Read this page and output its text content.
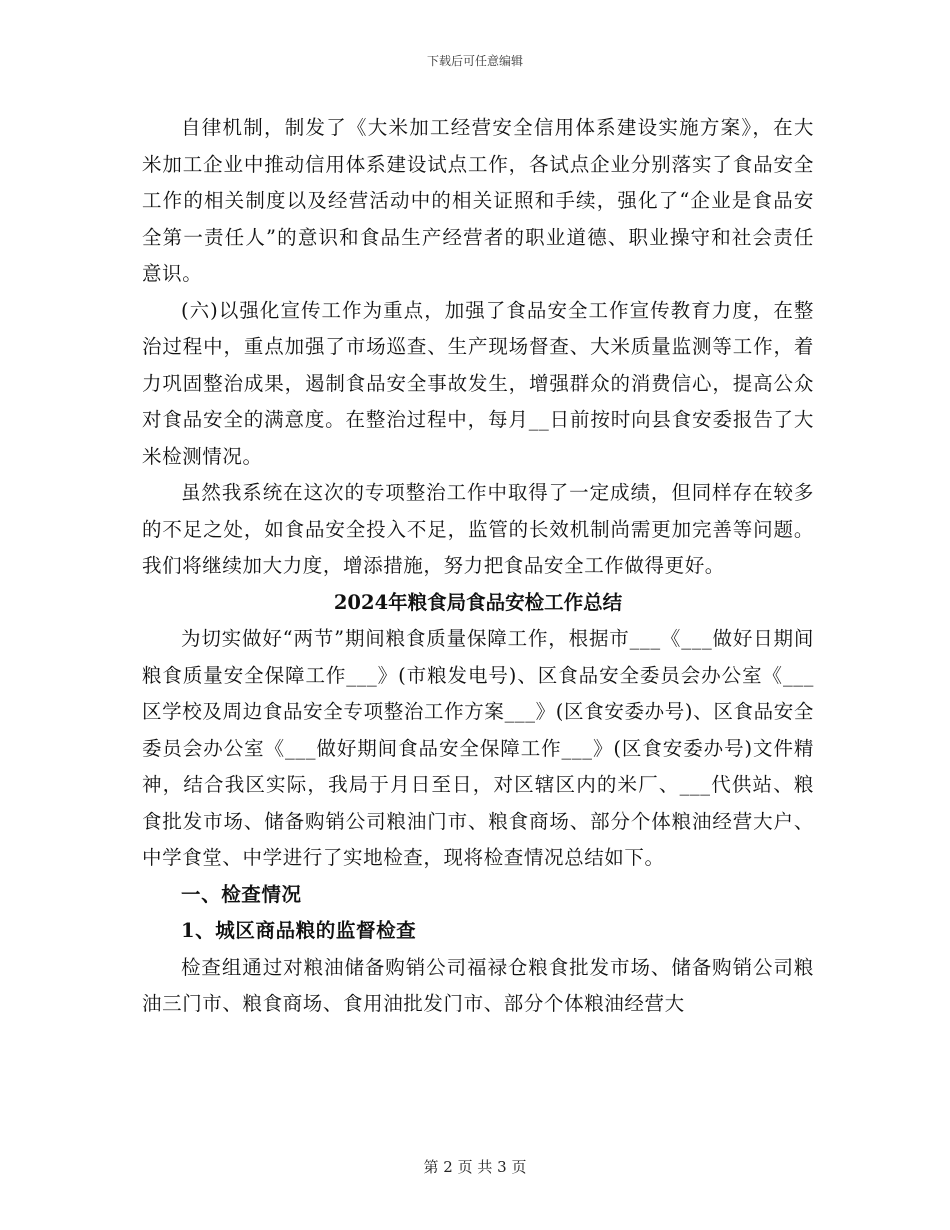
下载后可任意编辑

自律机制，制发了《大米加工经营安全信用体系建设实施方案》，在大米加工企业中推动信用体系建设试点工作，各试点企业分别落实了食品安全工作的相关制度以及经营活动中的相关证照和手续，强化了“企业是食品安全第一责任人”的意识和食品生产经营者的职业道德、职业操守和社会责任意识。

(六)以强化宣传工作为重点，加强了食品安全工作宣传教育力度，在整治过程中，重点加强了市场巡查、生产现场督查、大米质量监测等工作，着力巩固整治成果，遏制食品安全事故发生，增强群众的消费信心，提高公众对食品安全的满意度。在整治过程中，每月__日前按时向县食安委报告了大米检测情况。

虽然我系统在这次的专项整治工作中取得了一定成绩，但同样存在较多的不足之处，如食品安全投入不足，监管的长效机制尚需更加完善等问题。我们将继续加大力度，增添措施，努力把食品安全工作做得更好。

2024年粮食局食品安检工作总结

为切实做好“两节”期间粮食质量保障工作，根据市___《___做好日期间粮食质量安全保障工作___》(市粮发电号)、区食品安全委员会办公室《___区学校及周边食品安全专项整治工作方案___》(区食安委办号)、区食品安全委员会办公室《___做好期间食品安全保障工作___》(区食安委办号)文件精神，结合我区实际，我局于月日至日，对区辖区内的米厂、___代供站、粮食批发市场、储备购销公司粮油门市、粮食商场、部分个体粮油经营大户、中学食堂、中学进行了实地检查，现将检查情况总结如下。

一、检查情况

1、城区商品粮的监督检查

检查组通过对粮油储备购销公司福禄仓粮食批发市场、储备购销公司粮油三门市、粮食商场、食用油批发门市、部分个体粮油经营大

第 2 页 共 3 页
